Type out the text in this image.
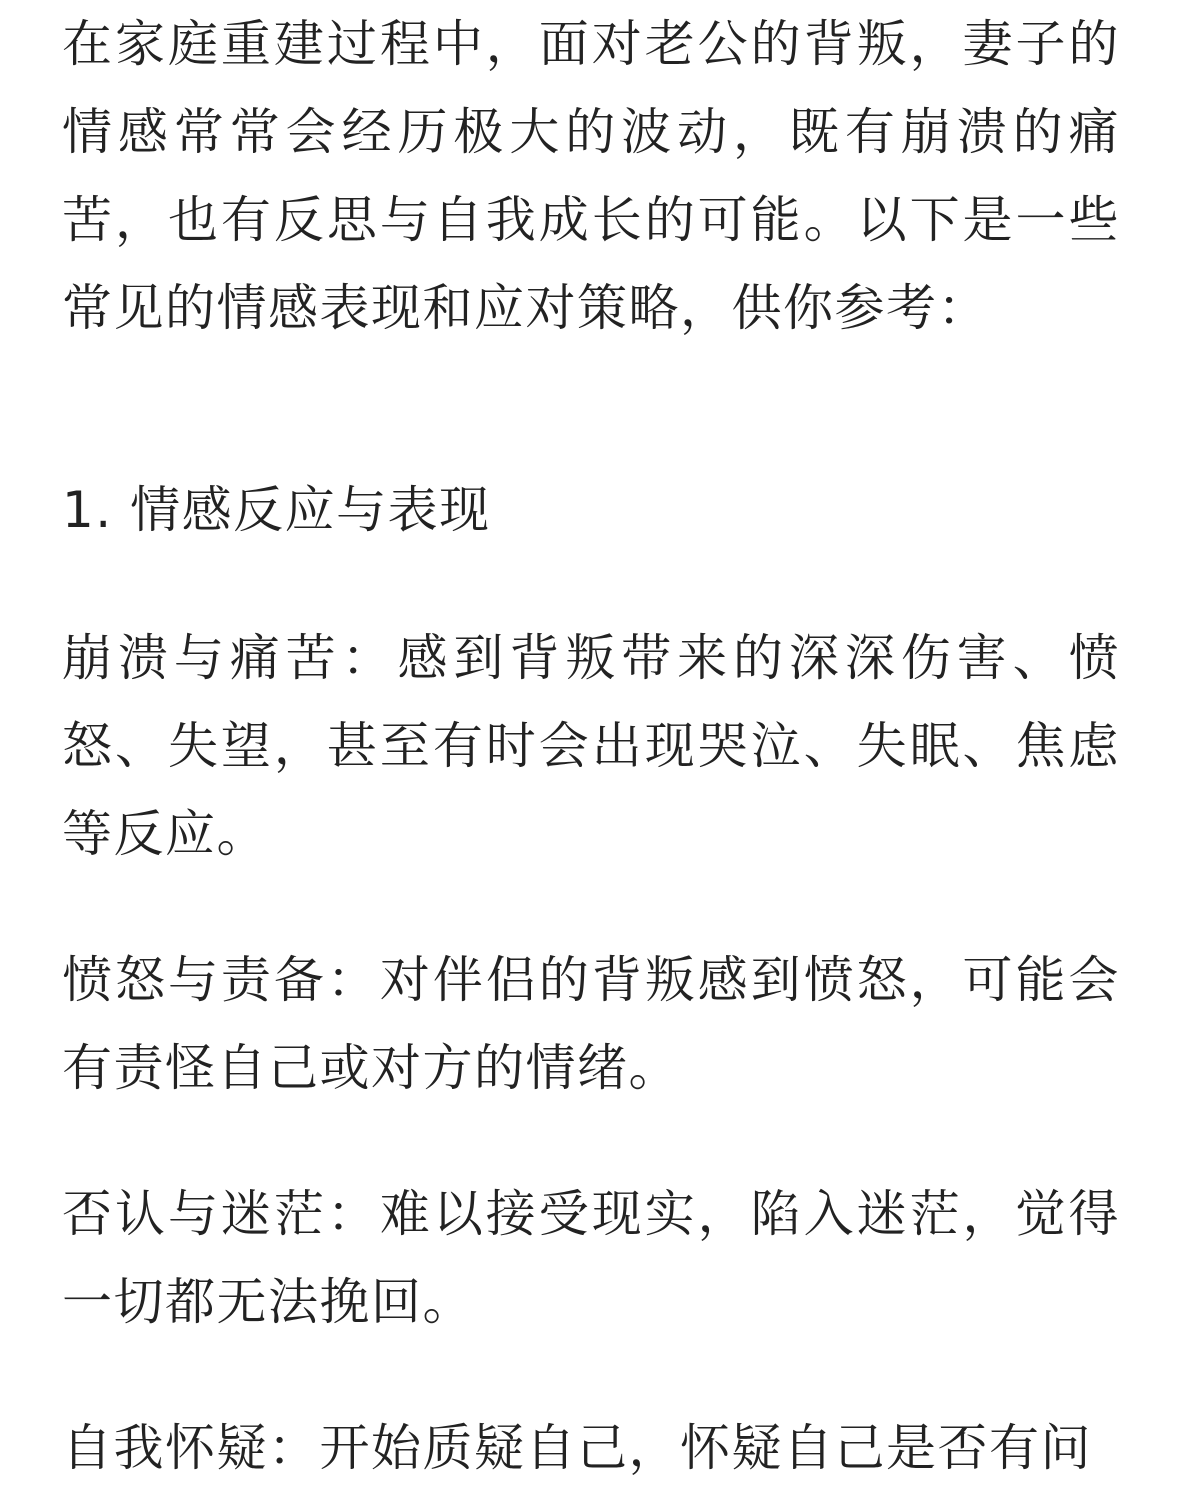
在家庭重建过程中，面对老公的背叛，妻子的情感常常会经历极大的波动，既有崩溃的痛苦，也有反思与自我成长的可能。以下是一些常见的情感表现和应对策略，供你参考：

1. 情感反应与表现

崩溃与痛苦：感到背叛带来的深深伤害、愤怒、失望，甚至有时会出现哭泣、失眠、焦虑等反应。

愤怒与责备：对伴侣的背叛感到愤怒，可能会有责怪自己或对方的情绪。

否认与迷茫：难以接受现实，陷入迷茫，觉得一切都无法挽回。

自我怀疑：开始质疑自己，怀疑自己是否有问
